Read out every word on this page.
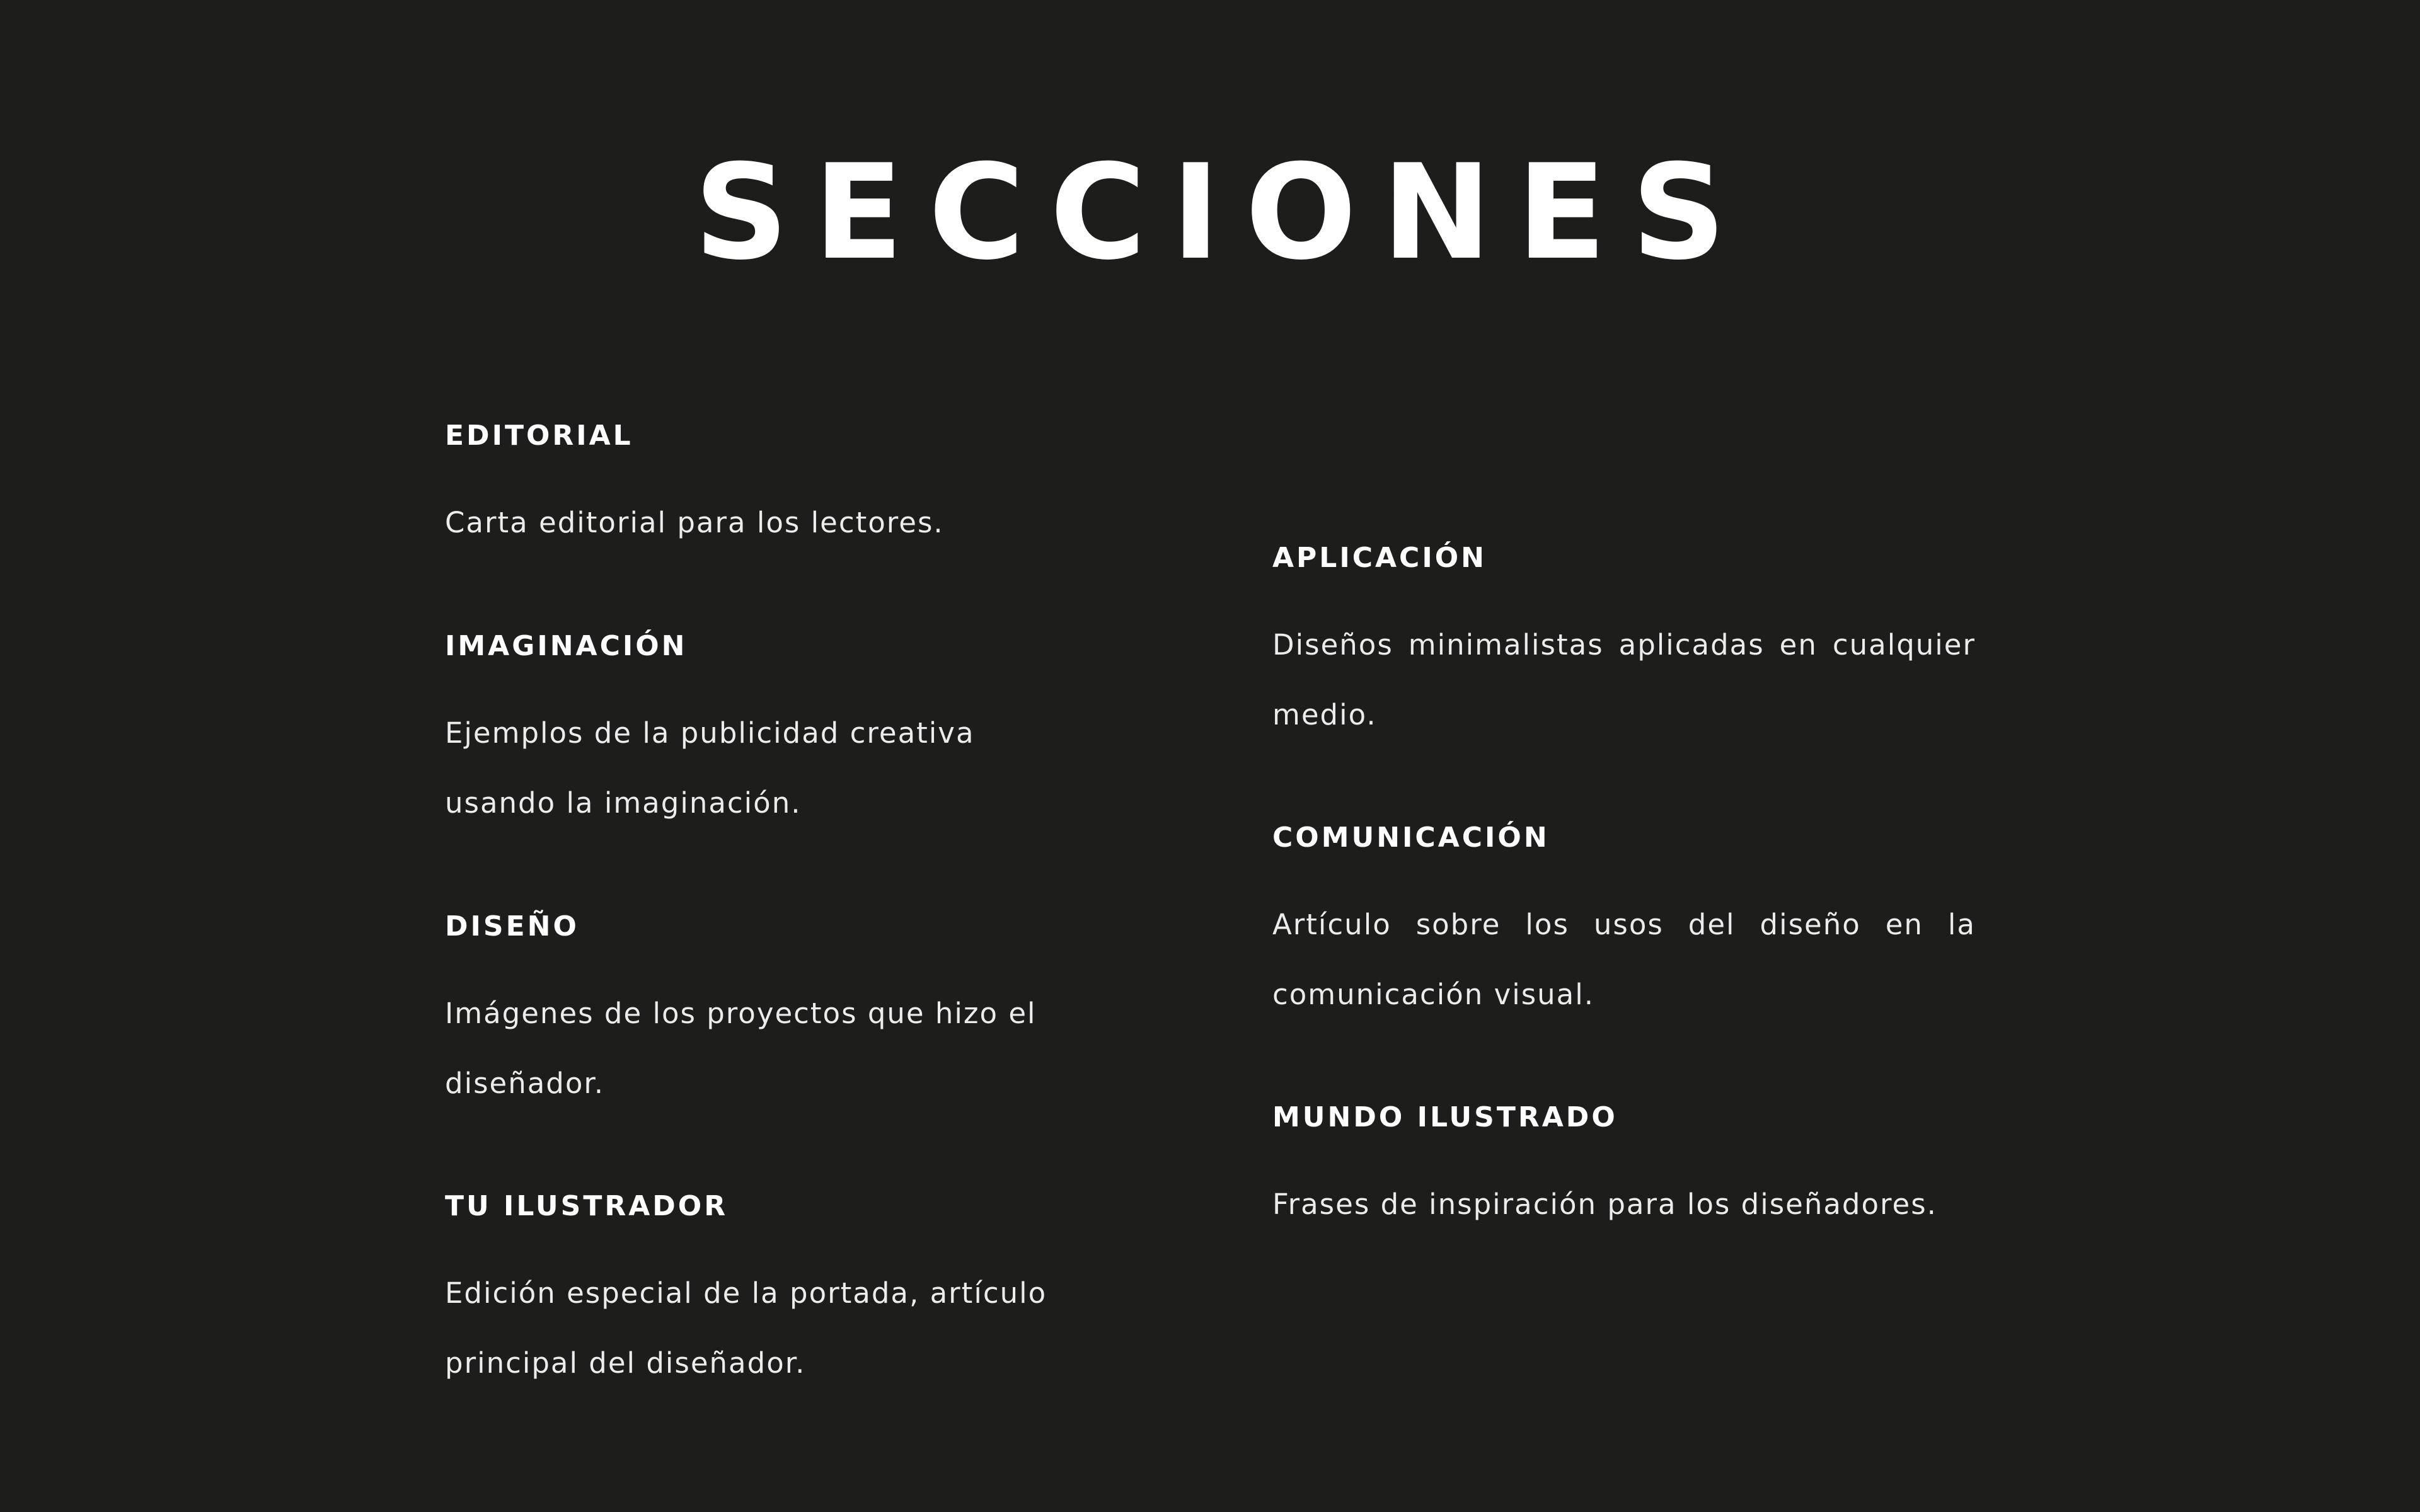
SECCIONES
EDITORIAL

Carta editorial para los lectores.

IMAGINACIÓN

Ejemplos de la publicidad creativa usando la imaginación.

DISEÑO

Imágenes de los proyectos que hizo el diseñador.

TU ILUSTRADOR

Edición especial de la portada, artículo principal del diseñador.

APLICACIÓN

Diseños minimalistas aplicadas en cualquier medio.

COMUNICACIÓN

Artículo sobre los usos del diseño en la comunicación visual.

MUNDO ILUSTRADO

Frases de inspiración para los diseñadores.
